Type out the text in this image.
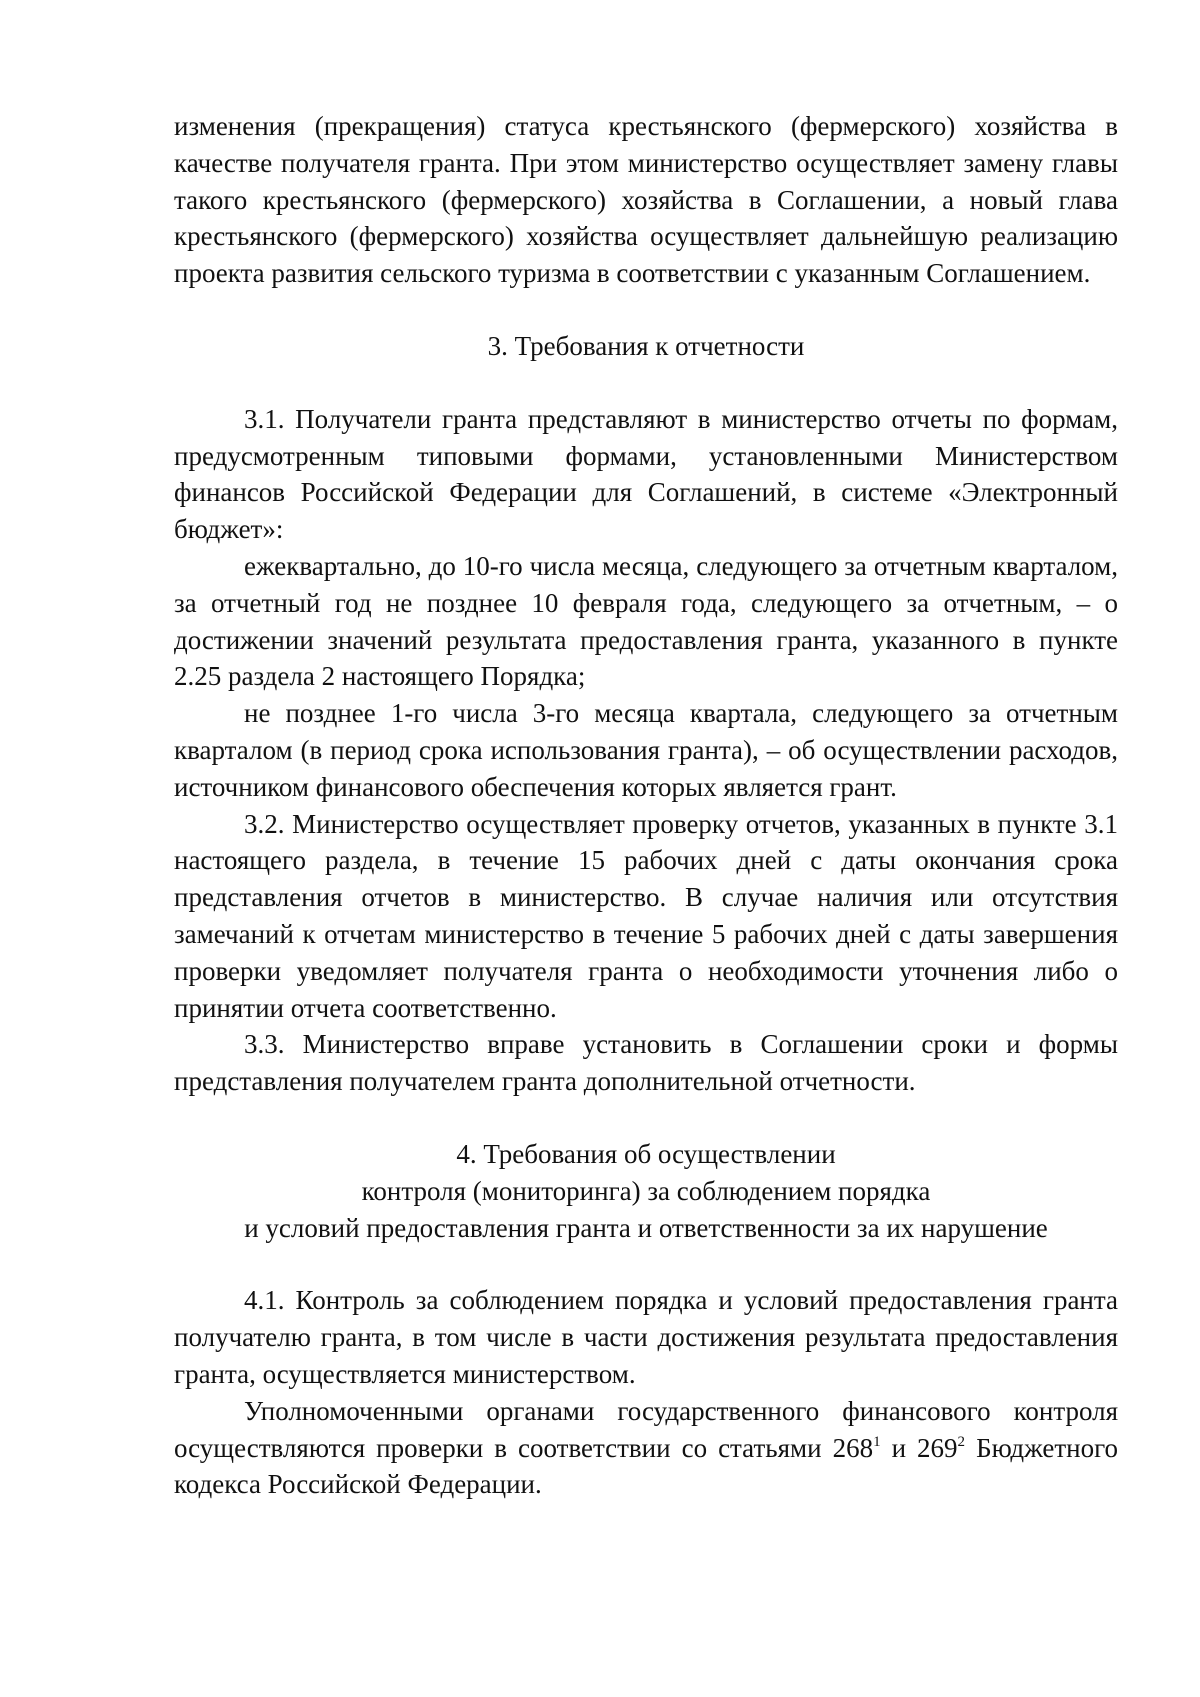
изменения (прекращения) статуса крестьянского (фермерского) хозяйства в качестве получателя гранта. При этом министерство осуществляет замену главы такого крестьянского (фермерского) хозяйства в Соглашении, а новый глава крестьянского (фермерского) хозяйства осуществляет дальнейшую реализацию проекта развития сельского туризма в соответствии с указанным Соглашением.

3. Требования к отчетности

3.1. Получатели гранта представляют в министерство отчеты по формам, предусмотренным типовыми формами, установленными Министерством финансов Российской Федерации для Соглашений, в системе «Электронный бюджет»:

ежеквартально, до 10-го числа месяца, следующего за отчетным кварталом, за отчетный год не позднее 10 февраля года, следующего за отчетным, – о достижении значений результата предоставления гранта, указанного в пункте 2.25 раздела 2 настоящего Порядка;

не позднее 1-го числа 3-го месяца квартала, следующего за отчетным кварталом (в период срока использования гранта), – об осуществлении расходов, источником финансового обеспечения которых является грант.

3.2. Министерство осуществляет проверку отчетов, указанных в пункте 3.1 настоящего раздела, в течение 15 рабочих дней с даты окончания срока представления отчетов в министерство. В случае наличия или отсутствия замечаний к отчетам министерство в течение 5 рабочих дней с даты завершения проверки уведомляет получателя гранта о необходимости уточнения либо о принятии отчета соответственно.

3.3. Министерство вправе установить в Соглашении сроки и формы представления получателем гранта дополнительной отчетности.

4. Требования об осуществлении
контроля (мониторинга) за соблюдением порядка
и условий предоставления гранта и ответственности за их нарушение

4.1. Контроль за соблюдением порядка и условий предоставления гранта получателю гранта, в том числе в части достижения результата предоставления гранта, осуществляется министерством.

Уполномоченными органами государственного финансового контроля осуществляются проверки в соответствии со статьями $268^1$ и $269^2$ Бюджетного кодекса Российской Федерации.
